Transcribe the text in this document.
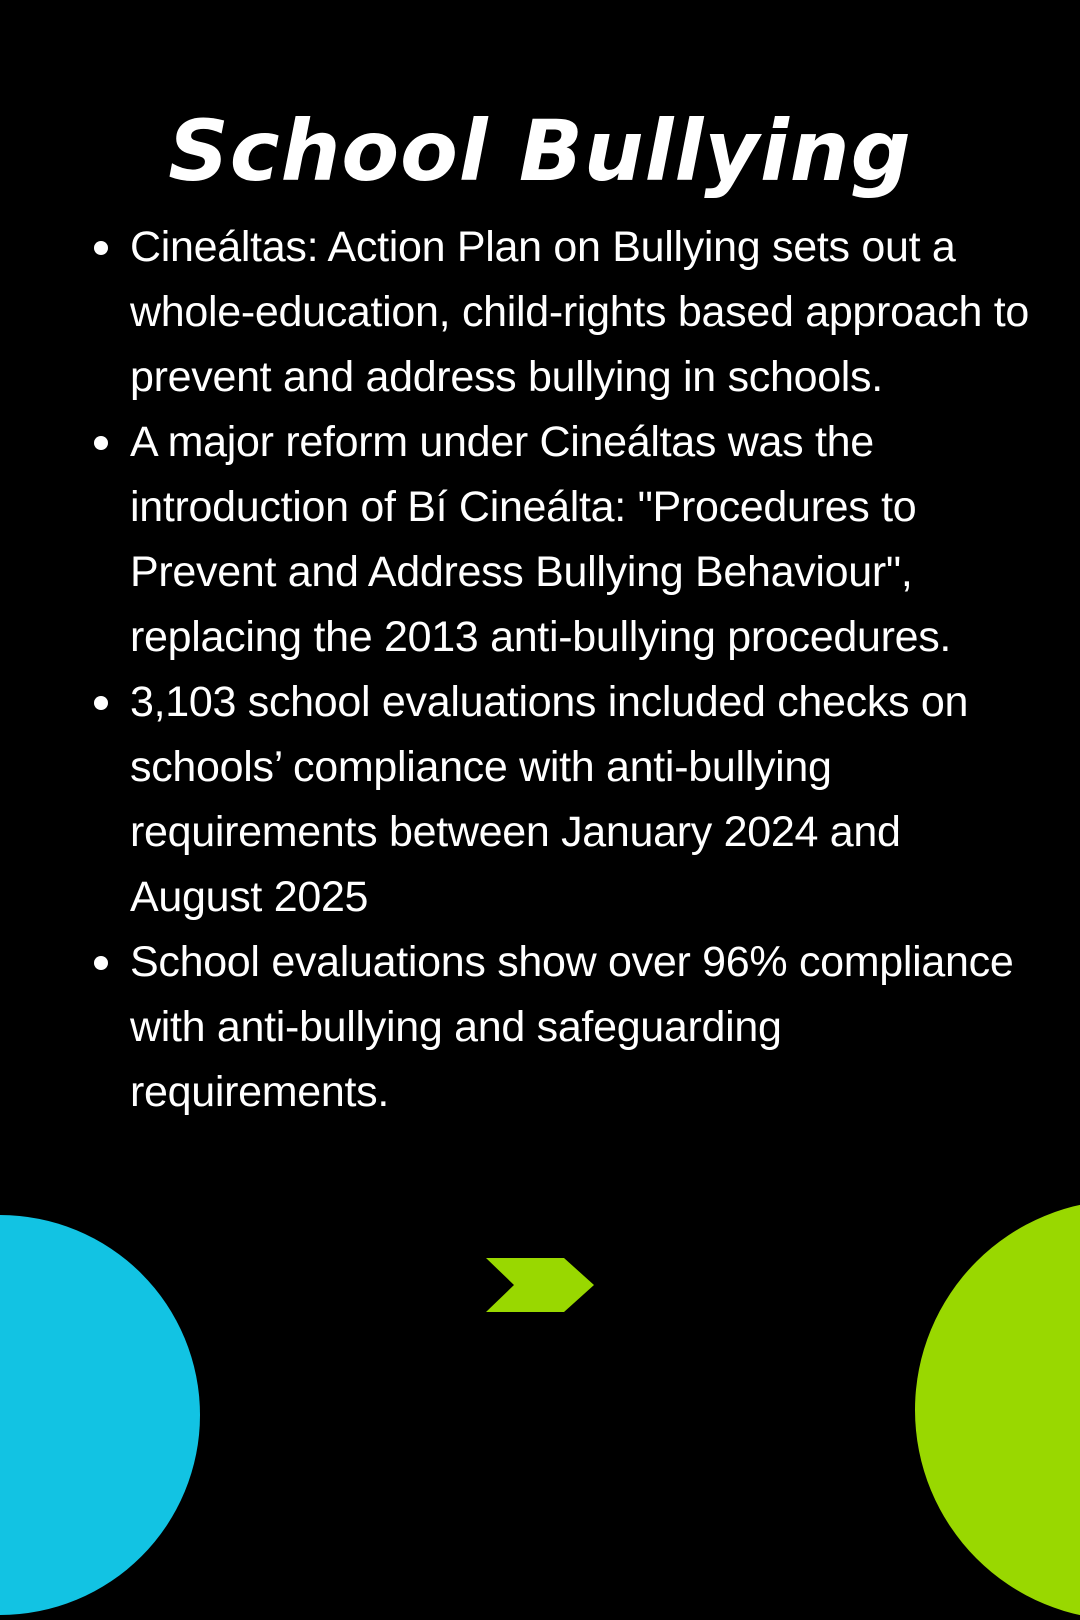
School Bullying
Cineáltas: Action Plan on Bullying sets out a whole-education, child-rights based approach to prevent and address bullying in schools.
A major reform under Cineáltas was the introduction of Bí Cineálta: "Procedures to Prevent and Address Bullying Behaviour", replacing the 2013 anti-bullying procedures.
3,103 school evaluations included checks on schools’ compliance with anti-bullying requirements between January 2024 and August 2025
School evaluations show over 96% compliance with anti-bullying and safeguarding requirements.
